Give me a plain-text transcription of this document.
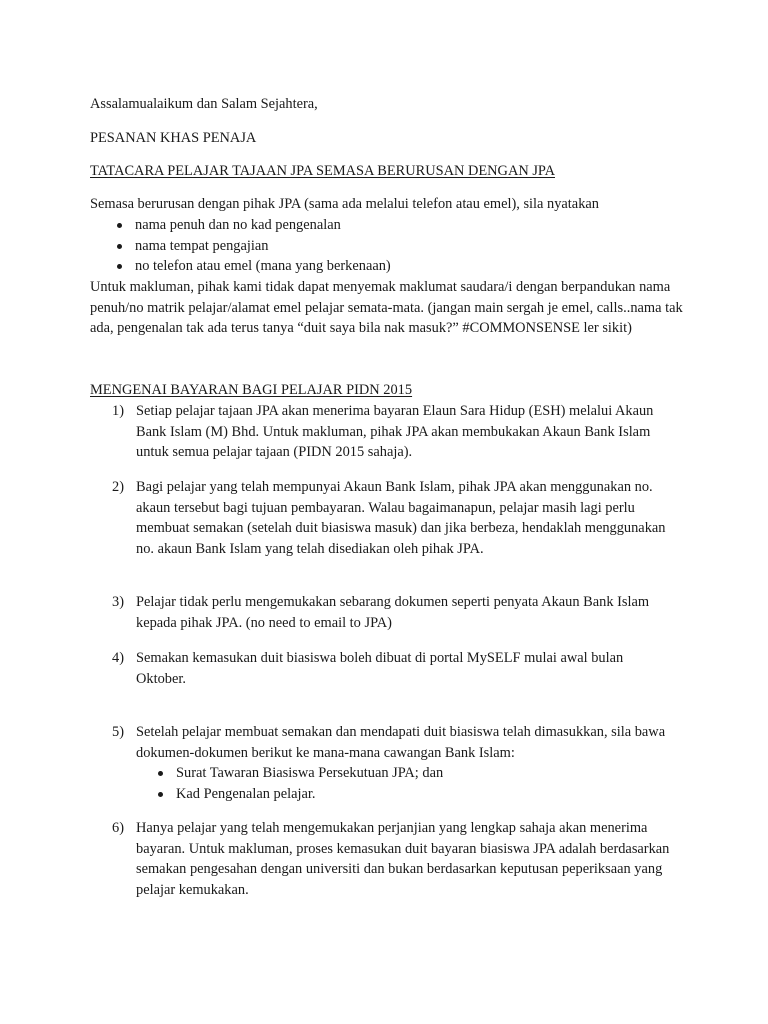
Assalamualaikum dan Salam Sejahtera,

PESANAN KHAS PENAJA

TATACARA PELAJAR TAJAAN JPA SEMASA BERURUSAN DENGAN JPA

Semasa berurusan dengan pihak JPA (sama ada melalui telefon atau emel), sila nyatakan

nama penuh dan no kad pengenalan
nama tempat pengajian
no telefon atau emel (mana yang berkenaan)

Untuk makluman, pihak kami tidak dapat menyemak maklumat saudara/i dengan berpandukan nama penuh/no matrik pelajar/alamat emel pelajar semata-mata. (jangan main sergah je emel, calls..nama tak ada, pengenalan tak ada terus tanya “duit saya bila nak masuk?” #COMMONSENSE ler sikit)

MENGENAI BAYARAN BAGI PELAJAR PIDN 2015

1) Setiap pelajar tajaan JPA akan menerima bayaran Elaun Sara Hidup (ESH) melalui Akaun Bank Islam (M) Bhd. Untuk makluman, pihak JPA akan membukakan Akaun Bank Islam untuk semua pelajar tajaan (PIDN 2015 sahaja).
2) Bagi pelajar yang telah mempunyai Akaun Bank Islam, pihak JPA akan menggunakan no. akaun tersebut bagi tujuan pembayaran. Walau bagaimanapun, pelajar masih lagi perlu membuat semakan (setelah duit biasiswa masuk) dan jika berbeza, hendaklah menggunakan no. akaun Bank Islam yang telah disediakan oleh pihak JPA.
3) Pelajar tidak perlu mengemukakan sebarang dokumen seperti penyata Akaun Bank Islam kepada pihak JPA. (no need to email to JPA)
4) Semakan kemasukan duit biasiswa boleh dibuat di portal MySELF mulai awal bulan Oktober.
5) Setelah pelajar membuat semakan dan mendapati duit biasiswa telah dimasukkan, sila bawa dokumen-dokumen berikut ke mana-mana cawangan Bank Islam:
Surat Tawaran Biasiswa Persekutuan JPA; dan
Kad Pengenalan pelajar.
6) Hanya pelajar yang telah mengemukakan perjanjian yang lengkap sahaja akan menerima bayaran. Untuk makluman, proses kemasukan duit bayaran biasiswa JPA adalah berdasarkan semakan pengesahan dengan universiti dan bukan berdasarkan keputusan peperiksaan yang pelajar kemukakan.
